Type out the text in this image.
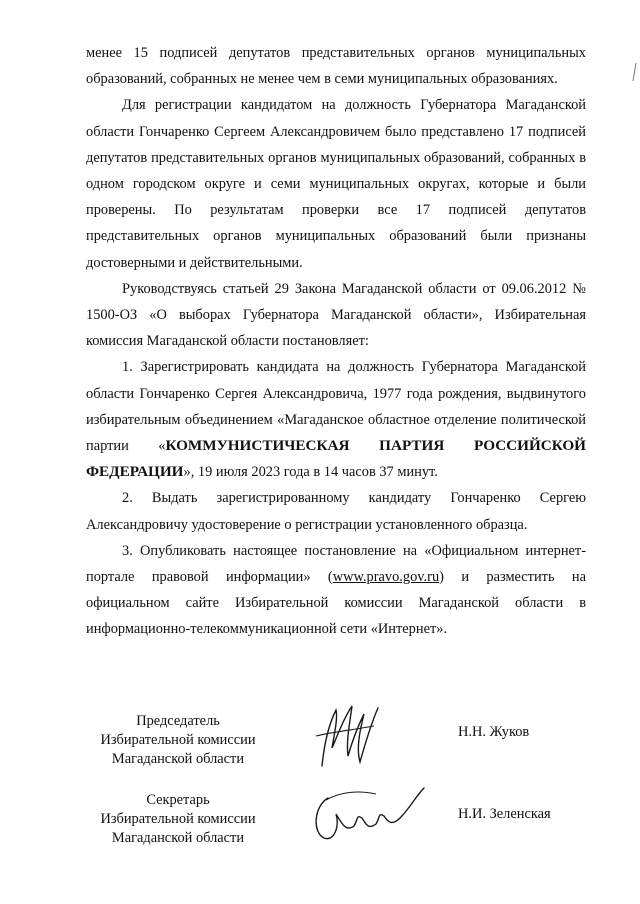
менее 15 подписей депутатов представительных органов муниципальных образований, собранных не менее чем в семи муниципальных образованиях.

Для регистрации кандидатом на должность Губернатора Магаданской области Гончаренко Сергеем Александровичем было представлено 17 подписей депутатов представительных органов муниципальных образований, собранных в одном городском округе и семи муниципальных округах, которые и были проверены. По результатам проверки все 17 подписей депутатов представительных органов муниципальных образований были признаны достоверными и действительными.

Руководствуясь статьей 29 Закона Магаданской области от 09.06.2012 № 1500-ОЗ «О выборах Губернатора Магаданской области», Избирательная комиссия Магаданской области постановляет:

1. Зарегистрировать кандидата на должность Губернатора Магаданской области Гончаренко Сергея Александровича, 1977 года рождения, выдвинутого избирательным объединением «Магаданское областное отделение политической партии «КОММУНИСТИЧЕСКАЯ ПАРТИЯ РОССИЙСКОЙ ФЕДЕРАЦИИ», 19 июля 2023 года в 14 часов 37 минут.

2. Выдать зарегистрированному кандидату Гончаренко Сергею Александровичу удостоверение о регистрации установленного образца.

3. Опубликовать настоящее постановление на «Официальном интернет-портале правовой информации» (www.pravo.gov.ru) и разместить на официальном сайте Избирательной комиссии Магаданской области в информационно-телекоммуникационной сети «Интернет».

Председатель
Избирательной комиссии
Магаданской области
Н.Н. Жуков
Секретарь
Избирательной комиссии
Магаданской области
Н.И. Зеленская
